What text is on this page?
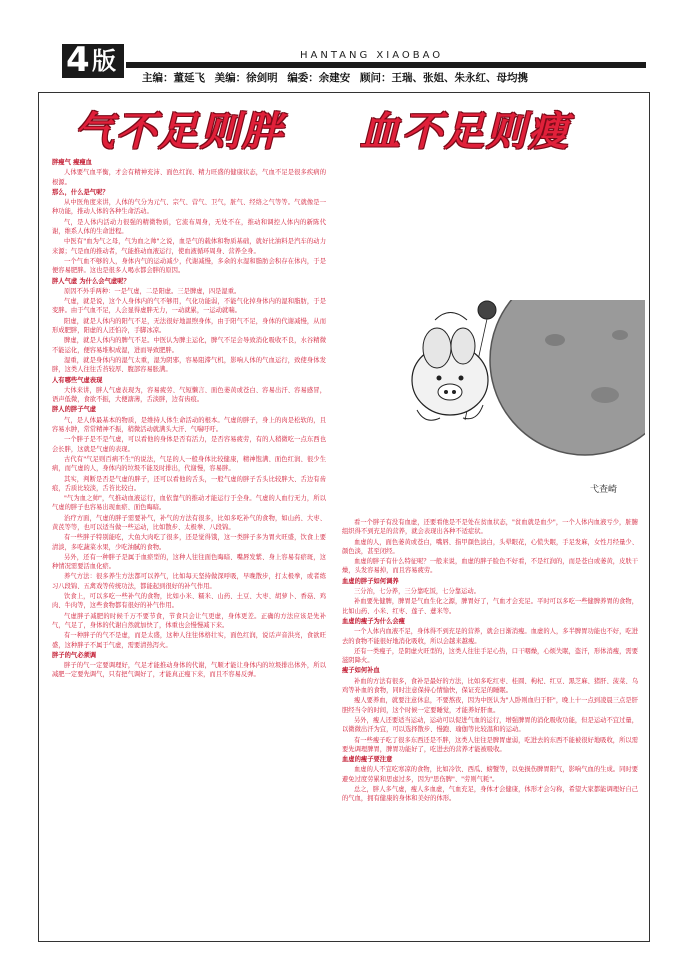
4 版	HANTANG XIAOBAO
主编：董延飞 美编：徐剑明 编委：余建安 顾问：王瑞、张姐、朱永红、母均携
气不足则胖 血不足则瘦
弋查崎

胖瘦气 瘦瘦血

人体要气血平衡，才会有精神充沛、面色红润、精力旺盛的健康状态，气血不足是很多疾病的根源。

那么，什么是气呢？

从中医角度来讲，人体的气分为元气、宗气、营气、卫气，脏气、经络之气等等。气就像是一种功能，推动人体的各种生命活动。

气，是人体内活动力很强的精微物质，它流布周身，无处不在，推动和调控人体内的新陈代谢，维系人体的生命进程。

中医有"血为气之母，气为血之帅"之说，血是气的载体和物质基础，就好比油料是汽车的动力来源；气是血的推动者，气能推动血液运行，使血液循环周身、营养全身。

一个气血不够的人，身体内气的运动减少，代谢减慢，多余的水湿和脂肪会积存在体内，于是便容易肥胖。这也是很多人喝水都会胖的原因。

胖人气虚 为什么会气虚呢？

原因不外乎两种：一是气虚，二是阳虚。三是脾虚，四是湿重。

气虚，就是说，这个人身体内的气不够用，气化功能弱，不能气化掉身体内的湿和脂肪，于是变胖。由于气血不足，人会显得虚胖无力，一动就累，一运动就喘。

阳虚，就是人体内的阳气不足，无法很好地温煦身体，由于阳气不足，身体的代谢减慢，从而形成肥胖，阳虚的人还怕冷，手脚冰凉。

脾虚，就是人体内的脾气不足。中医认为脾主运化，脾气不足会导致消化吸收不良，水谷精微不能运化，便容易堆积成湿，进而导致肥胖。

湿重，就是身体内的湿气太重，湿为阴邪，容易阻滞气机，影响人体的气血运行，致使身体发胖，这类人往往舌苔较厚、腹部容易胀满。

人有哪些气虚表现

大体来讲，胖人气虚表现为，容易疲劳、气短懒言、面色萎黄或苍白、容易出汗、容易感冒，语声低微，食欲不振，大便溏薄，舌淡胖，边有齿痕。

胖人的胖子气虚

气，是人体最基本的物质，是维持人体生命活动的根本。气虚的胖子，身上的肉是松软的，且容易水肿，常常精神不振，稍微活动就满头大汗、气喘吁吁。

一个胖子是不是气虚，可以看他的身体是否有活力，是否容易疲劳，有的人稍微吃一点东西也会长胖，这就是气虚的表现。

古代有"气足则百病不生"的说法，气足的人一般身体比较健康，精神饱满、面色红润、很少生病，而气虚的人，身体内的垃圾不能及时排出，代谢慢，容易胖。

其实，判断是否是气虚的胖子，还可以看他的舌头，一般气虚的胖子舌头比较胖大、舌边有齿痕，舌质比较淡，舌苔比较白。

"气为血之帅"，气推动血液运行，血依靠气的推动才能运行于全身。气虚的人血行无力，所以气虚的胖子也容易出现血瘀、面色晦暗。

治疗方面，气虚的胖子需要补气，补气的方法有很多，比如多吃补气的食物，如山药、大枣、黄芪等等，也可以适当做一些运动，比如散步、太极拳、八段锦。

有一些胖子特别能吃，大鱼大肉吃了很多，还是觉得饿，这一类胖子多为胃火旺盛，饮食上要清淡，多吃蔬菜水果，少吃油腻的食物。

另外，还有一种胖子是属于血瘀型的，这种人往往面色晦暗、嘴唇发紫、身上容易有瘀斑，这种情况需要活血化瘀。

养气方法：很多养生方法都可以养气，比如每天坚持做深呼吸，早晚散步，打太极拳，或者练习八段锦、五禽戏等传统功法，都能起到很好的补气作用。

饮食上，可以多吃一些补气的食物，比如小米、糯米、山药、土豆、大枣、胡萝卜、香菇、鸡肉、牛肉等，这些食物都有很好的补气作用。

气虚胖子减肥的时候千万不要节食，节食只会让气更虚，身体更差。正确的方法应该是先补气，气足了，身体的代谢自然就加快了，体重也会慢慢减下来。

有一种胖子的气不是虚，而是太盛，这种人往往体格壮实，面色红润，说话声音洪亮，食欲旺盛，这种胖子不属于气虚，需要清热泻火。

胖子的气必须调

胖子的气一定要调理好，气足才能推动身体的代谢，气顺才能让身体内的垃圾排出体外，所以减肥一定要先调气，只有把气调好了，才能真正瘦下来，而且不容易反弹。

看一个胖子有没有血虚，还要看他是不是处在贫血状态，"贫血就是血少"，一个人体内血液亏少，脏腑组织得不到充足的营养，就会表现出各种不适症状。

血虚的人，面色萎黄或苍白，嘴唇、指甲颜色淡白，头晕眼花，心慌失眠，手足发麻，女性月经量少、颜色淡，甚至闭经。

血虚的胖子有什么特征呢？一般来说，血虚的胖子脸色不好看，不是红润的，而是苍白或萎黄，皮肤干燥，头发容易掉，而且容易疲劳。

血虚的胖子如何调养

三分治，七分养，三分靠吃饭，七分靠运动。

补血要先健脾，脾胃是气血生化之源，脾胃好了，气血才会充足。平时可以多吃一些健脾养胃的食物，比如山药、小米、红枣、莲子、薏米等。

血虚的瘦子为什么会瘦

一个人体内血液不足，身体得不到充足的营养，就会日渐消瘦。血虚的人，多半脾胃功能也不好，吃进去的食物不能很好地消化吸收，所以会越来越瘦。

还有一类瘦子，是阴虚火旺型的，这类人往往手足心热，口干咽燥，心烦失眠，盗汗，形体消瘦，需要滋阴降火。

瘦子如何补血

补血的方法有很多，食补是最好的方法，比如多吃红枣、桂圆、枸杞、红豆、黑芝麻、猪肝、菠菜、乌鸡等补血的食物，同时注意保持心情愉快，保证充足的睡眠。

瘦人要养血，就要注意休息，不要熬夜，因为中医认为"人卧则血归于肝"，晚上十一点到凌晨三点是肝胆经当令的时间，这个时候一定要睡觉，才能养好肝血。

另外，瘦人还要适当运动，运动可以促进气血的运行，增强脾胃的消化吸收功能，但是运动不宜过量，以微微出汗为宜，可以选择散步、慢跑、瑜伽等比较温和的运动。

有一些瘦子吃了很多东西还是不胖，这类人往往是脾胃虚弱，吃进去的东西不能被很好地吸收，所以需要先调理脾胃，脾胃功能好了，吃进去的营养才能被吸收。

血虚的瘦子要注意

血虚的人不宜吃寒凉的食物，比如冷饮、西瓜、螃蟹等，以免损伤脾胃阳气，影响气血的生成。同时要避免过度劳累和思虑过多，因为"思伤脾"、"劳则气耗"。

总之，胖人多气虚，瘦人多血虚，气血充足，身体才会健康，体形才会匀称，希望大家都能调理好自己的气血，拥有健康的身体和美好的体形。
